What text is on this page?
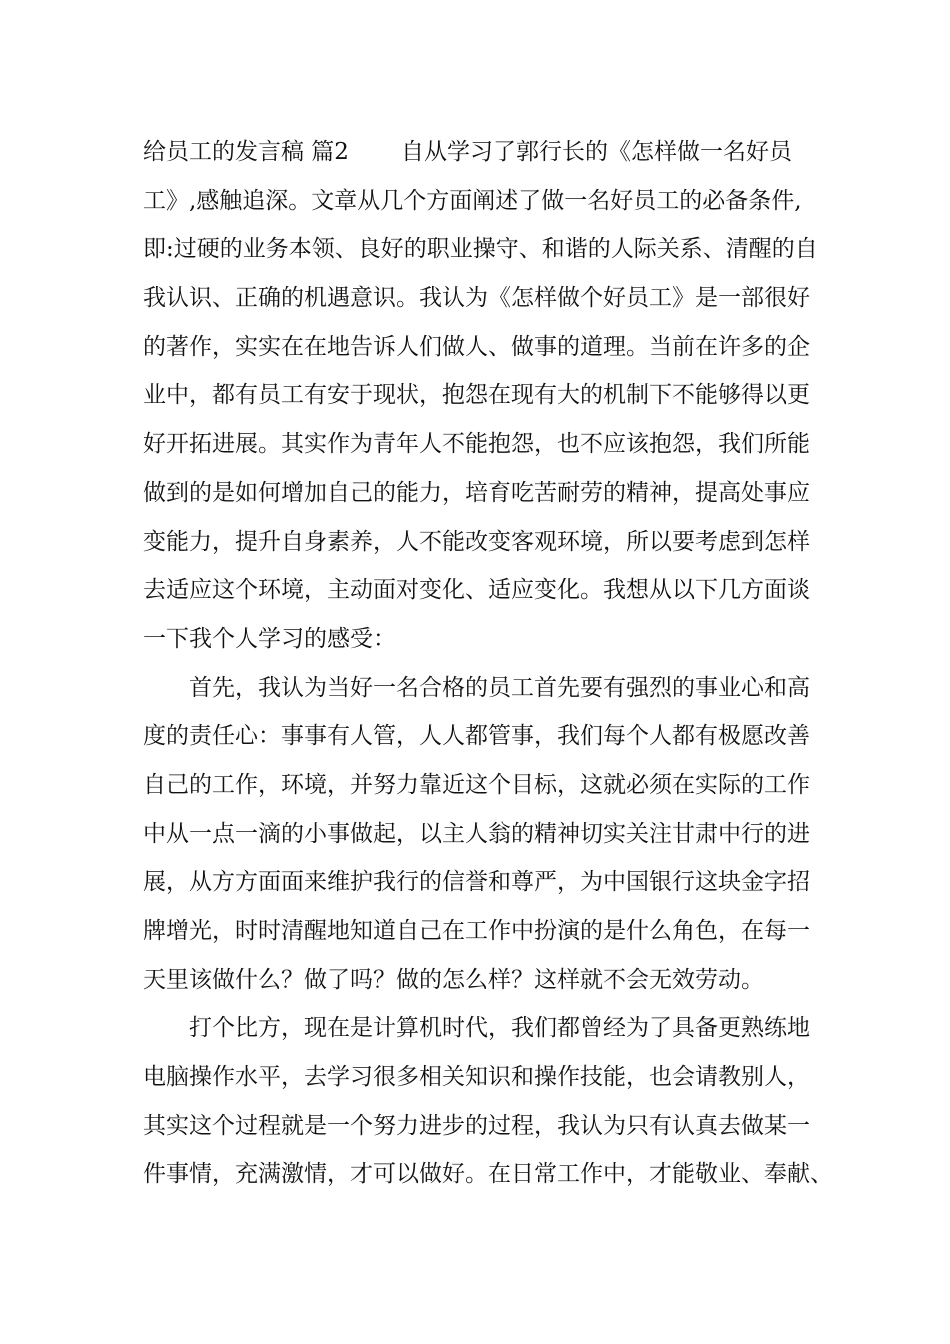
给员工的发言稿 篇2 自从学习了郭行长的《怎样做一名好员
工》,感触追深。文章从几个方面阐述了做一名好员工的必备条件,
即:过硬的业务本领、良好的职业操守、和谐的人际关系、清醒的自
我认识、正确的机遇意识。我认为《怎样做个好员工》是一部很好
的著作，实实在在地告诉人们做人、做事的道理。当前在许多的企
业中，都有员工有安于现状，抱怨在现有大的机制下不能够得以更
好开拓进展。其实作为青年人不能抱怨，也不应该抱怨，我们所能
做到的是如何增加自己的能力，培育吃苦耐劳的精神，提高处事应
变能力，提升自身素养，人不能改变客观环境，所以要考虑到怎样
去适应这个环境，主动面对变化、适应变化。我想从以下几方面谈
一下我个人学习的感受：
首先，我认为当好一名合格的员工首先要有强烈的事业心和高
度的责任心：事事有人管，人人都管事，我们每个人都有极愿改善
自己的工作，环境，并努力靠近这个目标，这就必须在实际的工作
中从一点一滴的小事做起，以主人翁的精神切实关注甘肃中行的进
展，从方方面面来维护我行的信誉和尊严，为中国银行这块金字招
牌增光，时时清醒地知道自己在工作中扮演的是什么角色，在每一
天里该做什么？做了吗？做的怎么样？这样就不会无效劳动。
打个比方，现在是计算机时代，我们都曾经为了具备更熟练地
电脑操作水平，去学习很多相关知识和操作技能，也会请教别人，
其实这个过程就是一个努力进步的过程，我认为只有认真去做某一
件事情，充满激情，才可以做好。在日常工作中，才能敬业、奉献、
